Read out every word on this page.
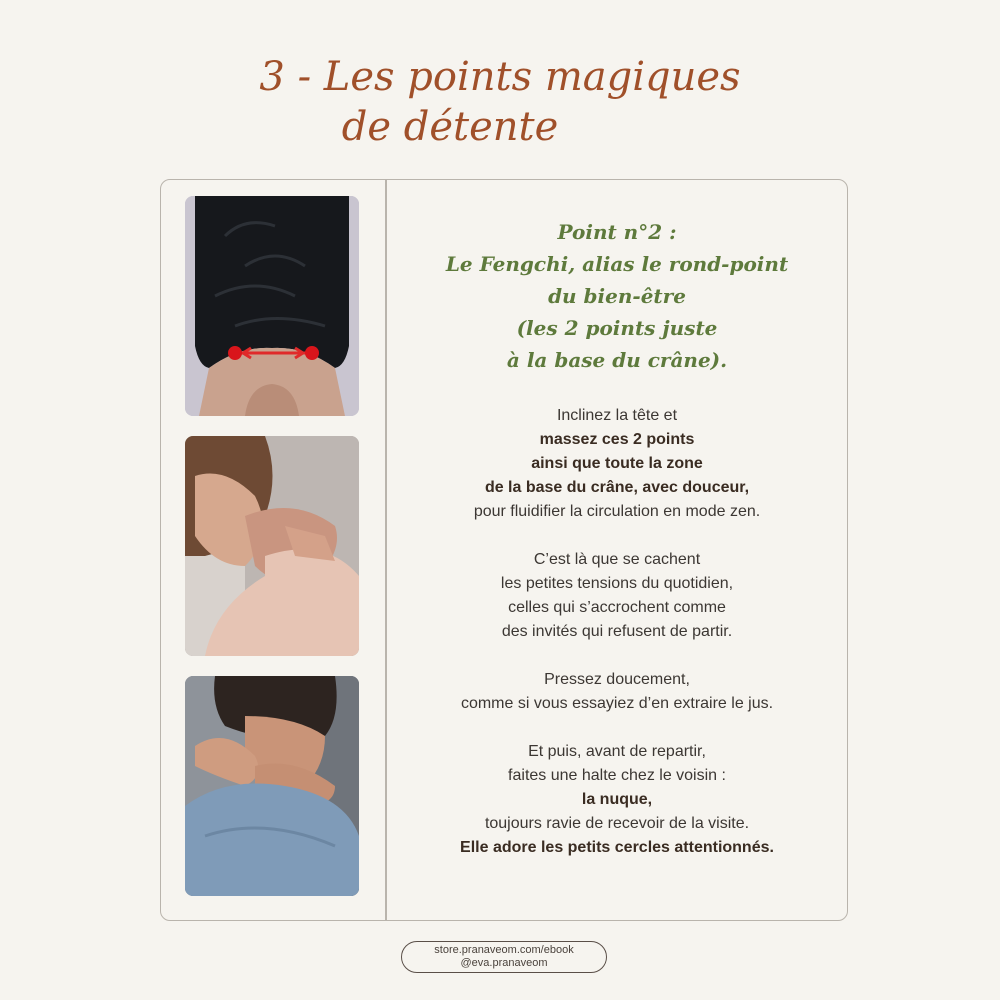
3 - Les points magiques
de détente
Point n°2 :
Le Fengchi, alias le rond-point
du bien-être
(les 2 points juste
à la base du crâne).
Inclinez la tête et
massez ces 2 points
ainsi que toute la zone
de la base du crâne, avec douceur,
pour fluidifier la circulation en mode zen.
C’est là que se cachent
les petites tensions du quotidien,
celles qui s’accrochent comme
des invités qui refusent de partir.
Pressez doucement,
comme si vous essayiez d’en extraire le jus.
Et puis, avant de repartir,
faites une halte chez le voisin :
la nuque,
toujours ravie de recevoir de la visite.
Elle adore les petits cercles attentionnés.
store.pranaveom.com/ebook
@eva.pranaveom
